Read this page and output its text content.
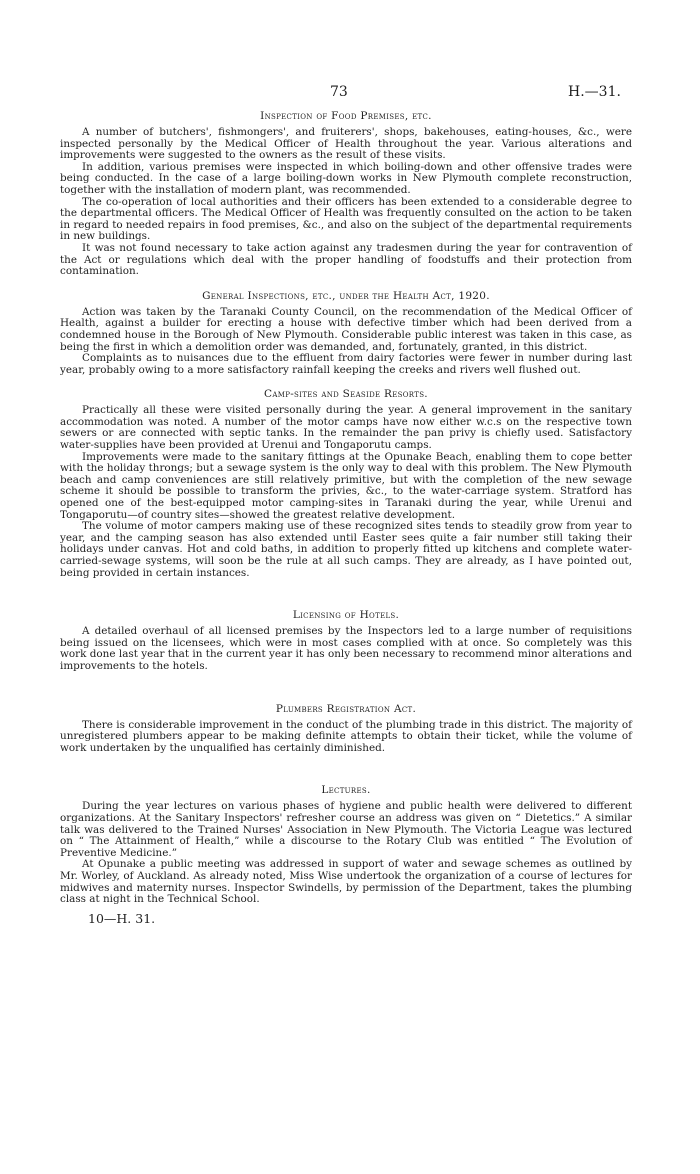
73	H.—31.
Inspection of Food Premises, etc.

A number of butchers', fishmongers', and fruiterers', shops, bakehouses, eating-houses, &c., were inspected personally by the Medical Officer of Health throughout the year. Various alterations and improvements were suggested to the owners as the result of these visits.

In addition, various premises were inspected in which boiling-down and other offensive trades were being conducted. In the case of a large boiling-down works in New Plymouth complete reconstruction, together with the installation of modern plant, was recommended.

The co-operation of local authorities and their officers has been extended to a considerable degree to the departmental officers. The Medical Officer of Health was frequently consulted on the action to be taken in regard to needed repairs in food premises, &c., and also on the subject of the departmental requirements in new buildings.

It was not found necessary to take action against any tradesmen during the year for contravention of the Act or regulations which deal with the proper handling of foodstuffs and their protection from contamination.

General Inspections, etc., under the Health Act, 1920.

Action was taken by the Taranaki County Council, on the recommendation of the Medical Officer of Health, against a builder for erecting a house with defective timber which had been derived from a condemned house in the Borough of New Plymouth. Considerable public interest was taken in this case, as being the first in which a demolition order was demanded, and, fortunately, granted, in this district.

Complaints as to nuisances due to the effluent from dairy factories were fewer in number during last year, probably owing to a more satisfactory rainfall keeping the creeks and rivers well flushed out.

Camp-sites and Seaside Resorts.

Practically all these were visited personally during the year. A general improvement in the sanitary accommodation was noted. A number of the motor camps have now either w.c.s on the respective town sewers or are connected with septic tanks. In the remainder the pan privy is chiefly used. Satisfactory water-supplies have been provided at Urenui and Tongaporutu camps.

Improvements were made to the sanitary fittings at the Opunake Beach, enabling them to cope better with the holiday throngs; but a sewage system is the only way to deal with this problem. The New Plymouth beach and camp conveniences are still relatively primitive, but with the completion of the new sewage scheme it should be possible to transform the privies, &c., to the water-carriage system. Stratford has opened one of the best-equipped motor camping-sites in Taranaki during the year, while Urenui and Tongaporutu—of country sites—showed the greatest relative development.

The volume of motor campers making use of these recognized sites tends to steadily grow from year to year, and the camping season has also extended until Easter sees quite a fair number still taking their holidays under canvas. Hot and cold baths, in addition to properly fitted up kitchens and complete water-carried-sewage systems, will soon be the rule at all such camps. They are already, as I have pointed out, being provided in certain instances.

Licensing of Hotels.

A detailed overhaul of all licensed premises by the Inspectors led to a large number of requisitions being issued on the licensees, which were in most cases complied with at once. So completely was this work done last year that in the current year it has only been necessary to recommend minor alterations and improvements to the hotels.

Plumbers Registration Act.

There is considerable improvement in the conduct of the plumbing trade in this district. The majority of unregistered plumbers appear to be making definite attempts to obtain their ticket, while the volume of work undertaken by the unqualified has certainly diminished.

Lectures.

During the year lectures on various phases of hygiene and public health were delivered to different organizations. At the Sanitary Inspectors' refresher course an address was given on “ Dietetics.” A similar talk was delivered to the Trained Nurses' Association in New Plymouth. The Victoria League was lectured on “ The Attainment of Health,” while a discourse to the Rotary Club was entitled “ The Evolution of Preventive Medicine.”

At Opunake a public meeting was addressed in support of water and sewage schemes as outlined by Mr. Worley, of Auckland. As already noted, Miss Wise undertook the organization of a course of lectures for midwives and maternity nurses. Inspector Swindells, by permission of the Department, takes the plumbing class at night in the Technical School.

10—H. 31.
